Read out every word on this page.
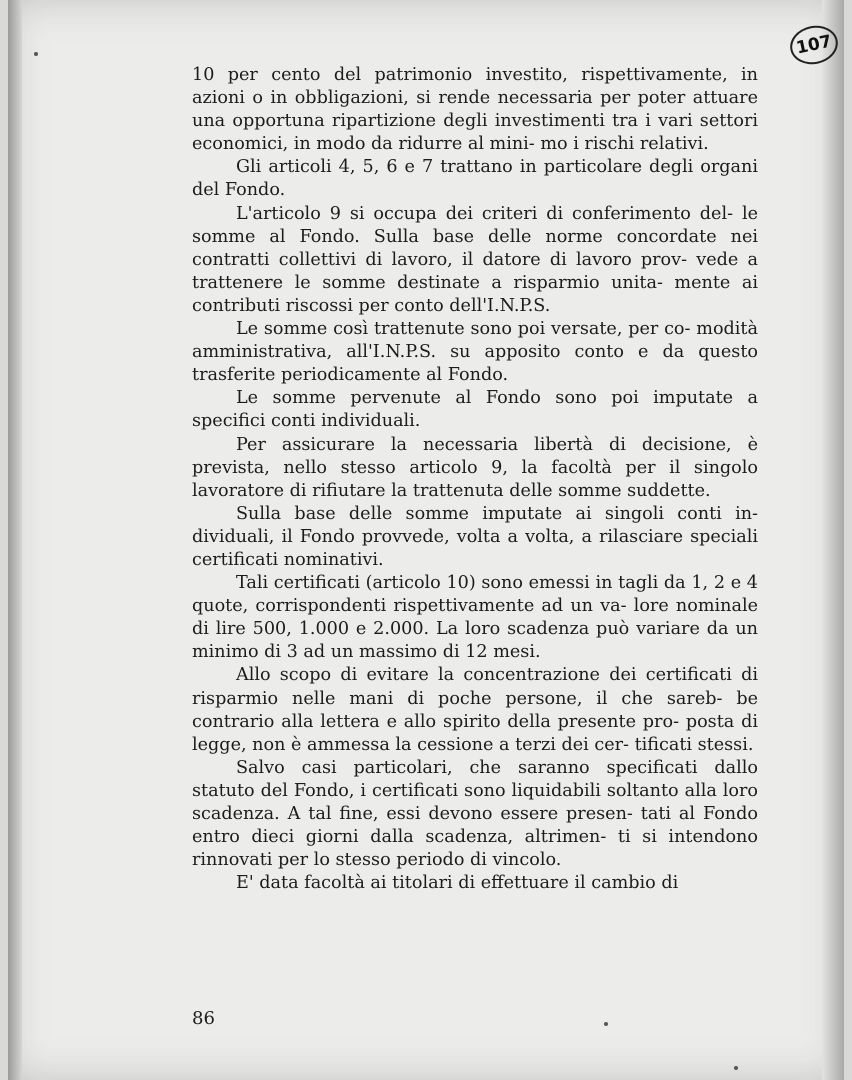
107

10 per cento del patrimonio investito, rispettivamente, in azioni o in obbligazioni, si rende necessaria per poter attuare una opportuna ripartizione degli investimenti tra i vari settori economici, in modo da ridurre al mini- mo i rischi relativi.

Gli articoli 4, 5, 6 e 7 trattano in particolare degli organi del Fondo.

L'articolo 9 si occupa dei criteri di conferimento del- le somme al Fondo. Sulla base delle norme concordate nei contratti collettivi di lavoro, il datore di lavoro prov- vede a trattenere le somme destinate a risparmio unita- mente ai contributi riscossi per conto dell'I.N.P.S.

Le somme così trattenute sono poi versate, per co- modità amministrativa, all'I.N.P.S. su apposito conto e da questo trasferite periodicamente al Fondo.

Le somme pervenute al Fondo sono poi imputate a specifici conti individuali.

Per assicurare la necessaria libertà di decisione, è prevista, nello stesso articolo 9, la facoltà per il singolo lavoratore di rifiutare la trattenuta delle somme suddette.

Sulla base delle somme imputate ai singoli conti in- dividuali, il Fondo provvede, volta a volta, a rilasciare speciali certificati nominativi.

Tali certificati (articolo 10) sono emessi in tagli da 1, 2 e 4 quote, corrispondenti rispettivamente ad un va- lore nominale di lire 500, 1.000 e 2.000. La loro scadenza può variare da un minimo di 3 ad un massimo di 12 mesi.

Allo scopo di evitare la concentrazione dei certificati di risparmio nelle mani di poche persone, il che sareb- be contrario alla lettera e allo spirito della presente pro- posta di legge, non è ammessa la cessione a terzi dei cer- tificati stessi.

Salvo casi particolari, che saranno specificati dallo statuto del Fondo, i certificati sono liquidabili soltanto alla loro scadenza. A tal fine, essi devono essere presen- tati al Fondo entro dieci giorni dalla scadenza, altrimen- ti si intendono rinnovati per lo stesso periodo di vincolo.

E' data facoltà ai titolari di effettuare il cambio di

86
